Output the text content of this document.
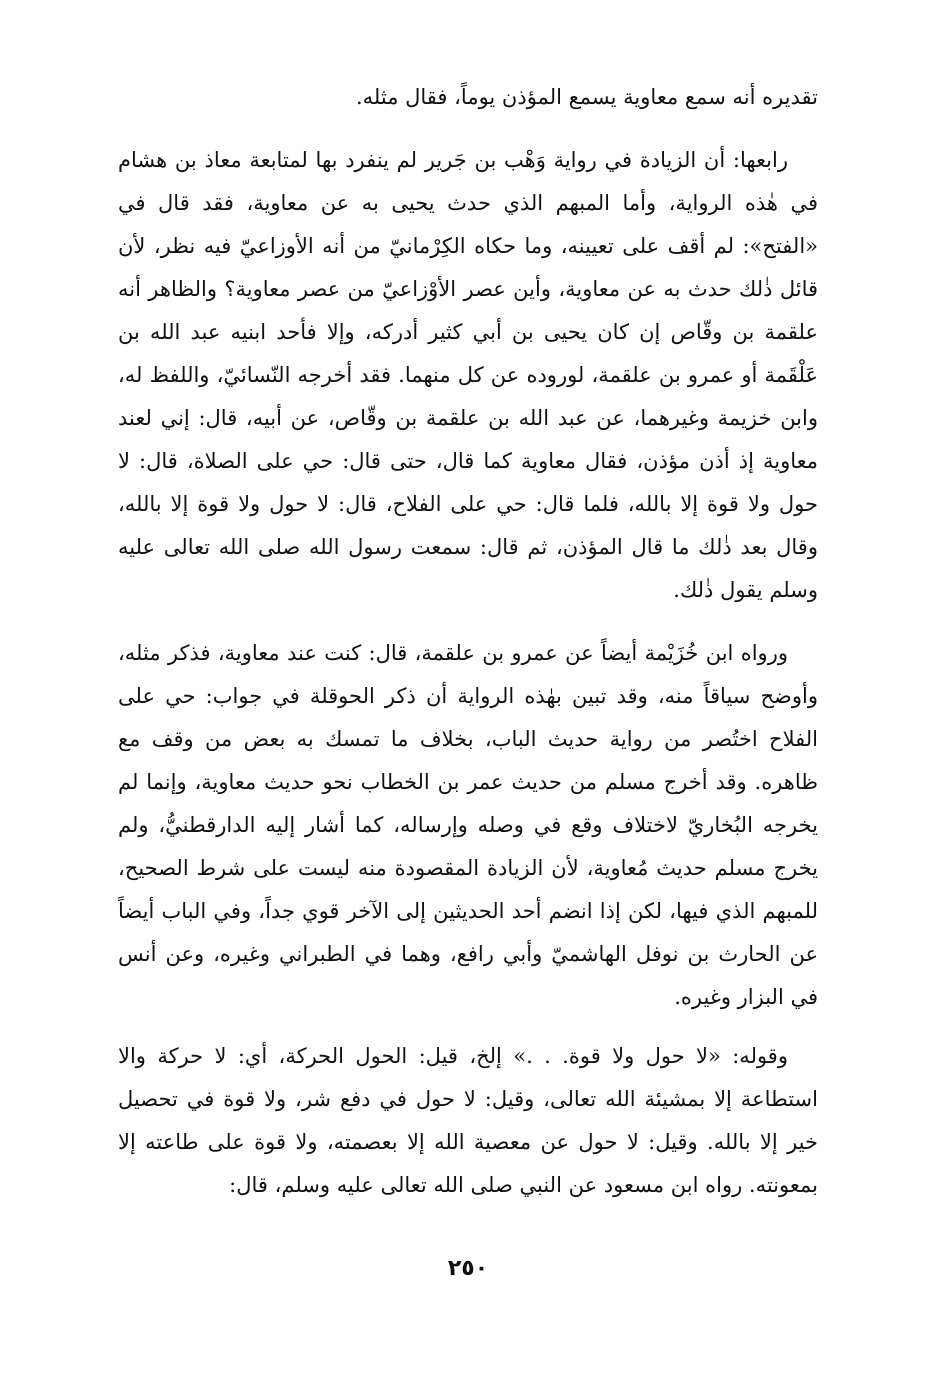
تقديره أنه سمع معاوية يسمع المؤذن يوماً، فقال مثله.

رابعها: أن الزيادة في رواية وَهْب بن جَرير لم ينفرد بها لمتابعة معاذ بن هشام في هٰذه الرواية، وأما المبهم الذي حدث يحيى به عن معاوية، فقد قال في «الفتح»: لم أقف على تعيينه، وما حكاه الكِرْمانيّ من أنه الأوزاعيّ فيه نظر، لأن قائل ذٰلك حدث به عن معاوية، وأين عصر الأوْزاعيّ من عصر معاوية؟ والظاهر أنه علقمة بن وقّاص إن كان يحيى بن أبي كثير أدركه، وإلا فأحد ابنيه عبد الله بن عَلْقَمة أو عمرو بن علقمة، لوروده عن كل منهما. فقد أخرجه النّسائيّ، واللفظ له، وابن خزيمة وغيرهما، عن عبد الله بن علقمة بن وقّاص، عن أبيه، قال: إني لعند معاوية إذ أذن مؤذن، فقال معاوية كما قال، حتى قال: حي على الصلاة، قال: لا حول ولا قوة إلا بالله، فلما قال: حي على الفلاح، قال: لا حول ولا قوة إلا بالله، وقال بعد ذٰلك ما قال المؤذن، ثم قال: سمعت رسول الله صلى الله تعالى عليه وسلم يقول ذٰلك.

ورواه ابن خُزَيْمة أيضاً عن عمرو بن علقمة، قال: كنت عند معاوية، فذكر مثله، وأوضح سياقاً منه، وقد تبين بهٰذه الرواية أن ذكر الحوقلة في جواب: حي على الفلاح اختُصر من رواية حديث الباب، بخلاف ما تمسك به بعض من وقف مع ظاهره. وقد أخرج مسلم من حديث عمر بن الخطاب نحو حديث معاوية، وإنما لم يخرجه البُخاريّ لاختلاف وقع في وصله وإرساله، كما أشار إليه الدارقطنيُّ، ولم يخرج مسلم حديث مُعاوية، لأن الزيادة المقصودة منه ليست على شرط الصحيح، للمبهم الذي فيها، لكن إذا انضم أحد الحديثين إلى الآخر قوي جداً، وفي الباب أيضاً عن الحارث بن نوفل الهاشميّ وأبي رافع، وهما في الطبراني وغيره، وعن أنس في البزار وغيره.

وقوله: «لا حول ولا قوة. . .» إلخ، قيل: الحول الحركة، أي: لا حركة والا استطاعة إلا بمشيئة الله تعالى، وقيل: لا حول في دفع شر، ولا قوة في تحصيل خير إلا بالله. وقيل: لا حول عن معصية الله إلا بعصمته، ولا قوة على طاعته إلا بمعونته. رواه ابن مسعود عن النبي صلى الله تعالى عليه وسلم، قال:

٢٥٠
